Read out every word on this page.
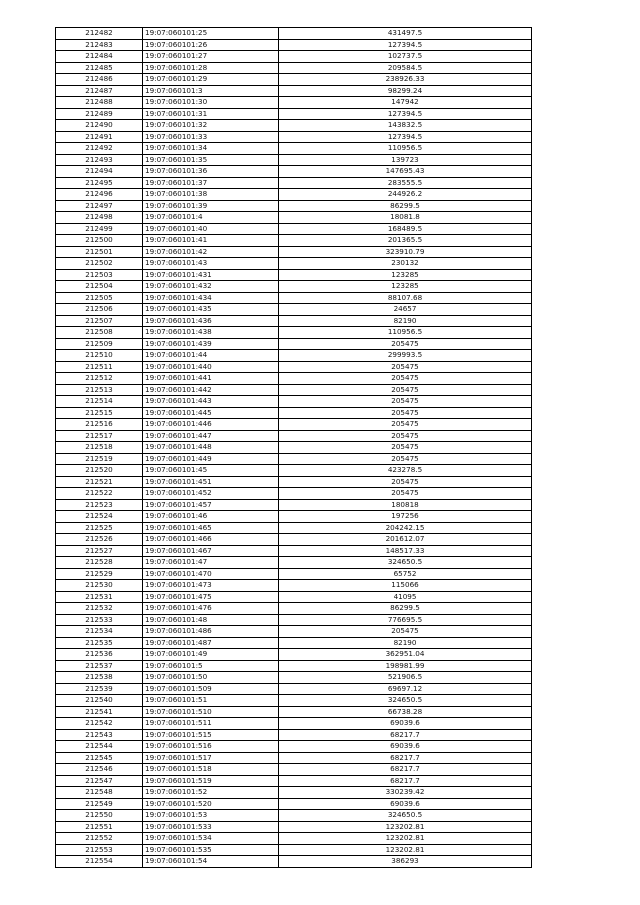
212482	19:07:060101:25	431497.5
212483	19:07:060101:26	127394.5
212484	19:07:060101:27	102737.5
212485	19:07:060101:28	209584.5
212486	19:07:060101:29	238926.33
212487	19:07:060101:3	98299.24
212488	19:07:060101:30	147942
212489	19:07:060101:31	127394.5
212490	19:07:060101:32	143832.5
212491	19:07:060101:33	127394.5
212492	19:07:060101:34	110956.5
212493	19:07:060101:35	139723
212494	19:07:060101:36	147695.43
212495	19:07:060101:37	283555.5
212496	19:07:060101:38	244926.2
212497	19:07:060101:39	86299.5
212498	19:07:060101:4	18081.8
212499	19:07:060101:40	168489.5
212500	19:07:060101:41	201365.5
212501	19:07:060101:42	323910.79
212502	19:07:060101:43	230132
212503	19:07:060101:431	123285
212504	19:07:060101:432	123285
212505	19:07:060101:434	88107.68
212506	19:07:060101:435	24657
212507	19:07:060101:436	82190
212508	19:07:060101:438	110956.5
212509	19:07:060101:439	205475
212510	19:07:060101:44	299993.5
212511	19:07:060101:440	205475
212512	19:07:060101:441	205475
212513	19:07:060101:442	205475
212514	19:07:060101:443	205475
212515	19:07:060101:445	205475
212516	19:07:060101:446	205475
212517	19:07:060101:447	205475
212518	19:07:060101:448	205475
212519	19:07:060101:449	205475
212520	19:07:060101:45	423278.5
212521	19:07:060101:451	205475
212522	19:07:060101:452	205475
212523	19:07:060101:457	180818
212524	19:07:060101:46	197256
212525	19:07:060101:465	204242.15
212526	19:07:060101:466	201612.07
212527	19:07:060101:467	148517.33
212528	19:07:060101:47	324650.5
212529	19:07:060101:470	65752
212530	19:07:060101:473	115066
212531	19:07:060101:475	41095
212532	19:07:060101:476	86299.5
212533	19:07:060101:48	776695.5
212534	19:07:060101:486	205475
212535	19:07:060101:487	82190
212536	19:07:060101:49	362951.04
212537	19:07:060101:5	198981.99
212538	19:07:060101:50	521906.5
212539	19:07:060101:509	69697.12
212540	19:07:060101:51	324650.5
212541	19:07:060101:510	66738.28
212542	19:07:060101:511	69039.6
212543	19:07:060101:515	68217.7
212544	19:07:060101:516	69039.6
212545	19:07:060101:517	68217.7
212546	19:07:060101:518	68217.7
212547	19:07:060101:519	68217.7
212548	19:07:060101:52	330239.42
212549	19:07:060101:520	69039.6
212550	19:07:060101:53	324650.5
212551	19:07:060101:533	123202.81
212552	19:07:060101:534	123202.81
212553	19:07:060101:535	123202.81
212554	19:07:060101:54	386293
